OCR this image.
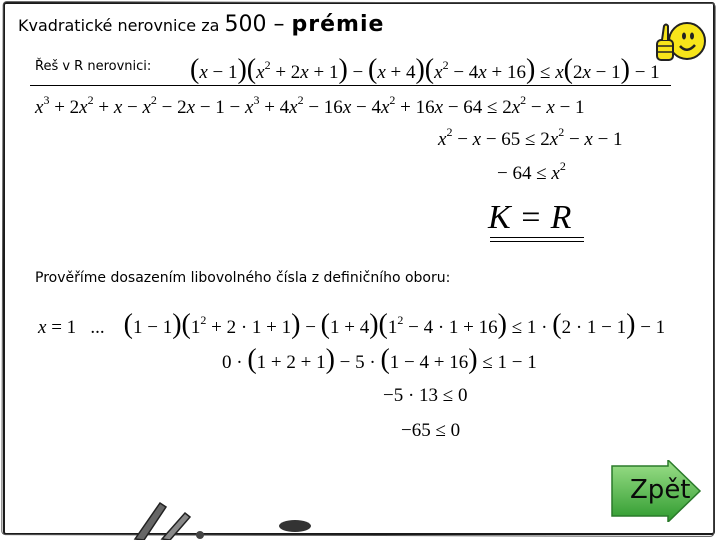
Kvadratické nerovnice za 500 – prémie
Řeš v R nerovnici: $(x - 1)(x^2 + 2x + 1) - (x + 4)(x^2 - 4x + 16) \le x(2x - 1) - 1$
$x^3 + 2x^2 + x - x^2 - 2x - 1 - x^3 + 4x^2 - 16x - 4x^2 + 16x - 64 \le 2x^2 - x - 1$
$x^2 - x - 65 \le 2x^2 - x - 1$
− $64 \le x^2$
K = R
Prověříme dosazením libovolného čísla z definičního oboru:
x = 1   ...    $(1 - 1)(1^2 + 2 \cdot 1 + 1) - (1 + 4)(1^2 - 4 \cdot 1 + 16) \le 1 \cdot (2 \cdot 1 - 1) - 1$
0 · (1 + 2 + 1) − 5 · (1 − 4 + 16) ≤ 1 − 1
−5 · 13 ≤ 0
−65 ≤ 0
Zpět
